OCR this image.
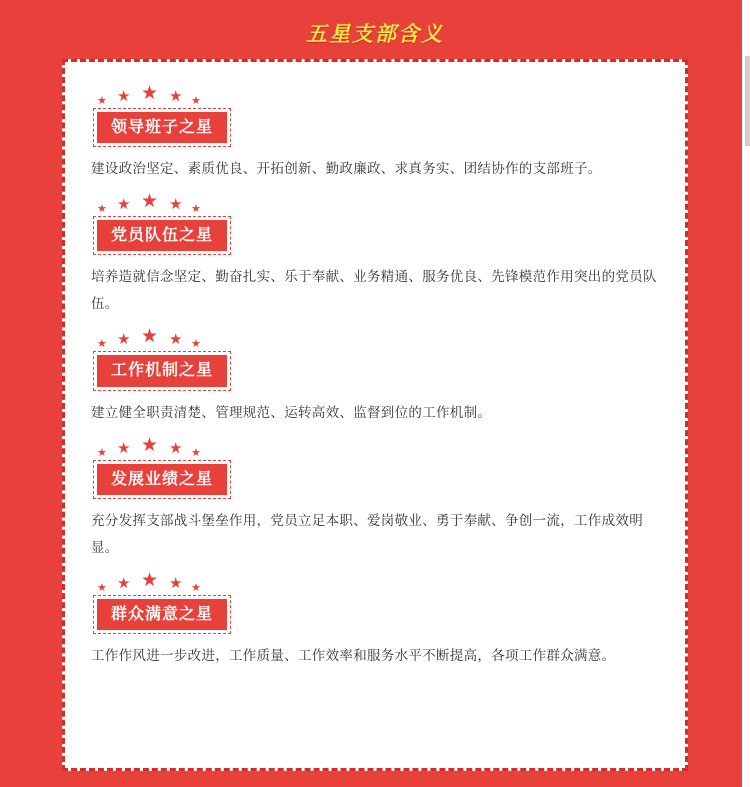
五星支部含义
★ ★ ★ ★ ★
领导班子之星
建设政治坚定、素质优良、开拓创新、勤政廉政、求真务实、团结协作的支部班子。
★ ★ ★ ★ ★
党员队伍之星
培养造就信念坚定、勤奋扎实、乐于奉献、业务精通、服务优良、先锋模范作用突出的党员队伍。
★ ★ ★ ★ ★
工作机制之星
建立健全职责清楚、管理规范、运转高效、监督到位的工作机制。
★ ★ ★ ★ ★
发展业绩之星
充分发挥支部战斗堡垒作用，党员立足本职、爱岗敬业、勇于奉献、争创一流，工作成效明显。
★ ★ ★ ★ ★
群众满意之星
工作作风进一步改进，工作质量、工作效率和服务水平不断提高，各项工作群众满意。
